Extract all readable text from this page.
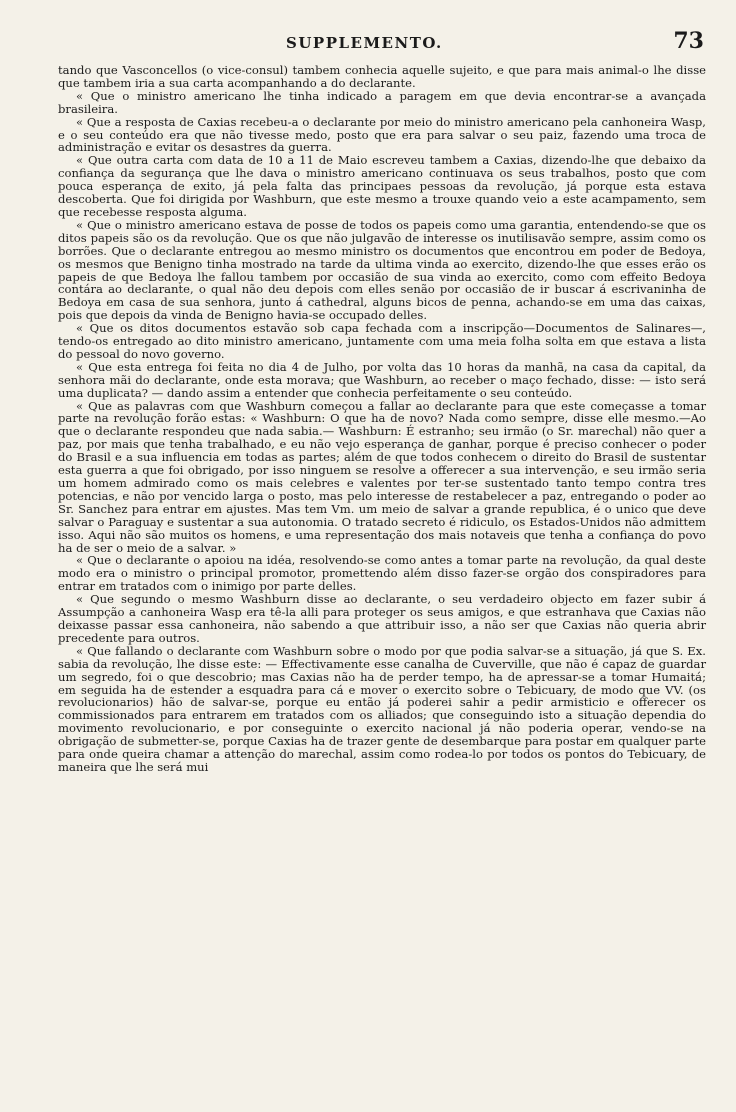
SUPPLEMENTO.	73

tando que Vasconcellos (o vice-consul) tambem conhecia aquelle sujeito, e que para mais animal-o lhe disse que tambem iria a sua carta acompanhando a do declarante.

« Que o ministro americano lhe tinha indicado a paragem em que devia encontrar-se a avançada brasileira.

« Que a resposta de Caxias recebeu-a o declarante por meio do ministro americano pela canhoneira Wasp, e o seu conteúdo era que não tivesse medo, posto que era para salvar o seu paiz, fazendo uma troca de administração e evitar os desastres da guerra.

« Que outra carta com data de 10 a 11 de Maio escreveu tambem a Caxias, dizendo-lhe que debaixo da confiança da segurança que lhe dava o ministro americano continuava os seus trabalhos, posto que com pouca esperança de exito, já pela falta das principaes pessoas da revolução, já porque esta estava descoberta. Que foi dirigida por Washburn, que este mesmo a trouxe quando veio a este acampamento, sem que recebesse resposta alguma.

« Que o ministro americano estava de posse de todos os papeis como uma garantia, entendendo-se que os ditos papeis são os da revolução. Que os que não julgavão de interesse os inutilisavão sempre, assim como os borrões. Que o declarante entregou ao mesmo ministro os documentos que encontrou em poder de Bedoya, os mesmos que Benigno tinha mostrado na tarde da ultima vinda ao exercito, dizendo-lhe que esses erão os papeis de que Bedoya lhe fallou tambem por occasião de sua vinda ao exercito, como com effeito Bedoya contára ao declarante, o qual não deu depois com elles senão por occasião de ir buscar á escrivaninha de Bedoya em casa de sua senhora, junto á cathedral, alguns bicos de penna, achando-se em uma das caixas, pois que depois da vinda de Benigno havia-se occupado delles.

« Que os ditos documentos estavão sob capa fechada com a inscripção—Documentos de Salinares—, tendo-os entregado ao dito ministro americano, juntamente com uma meia folha solta em que estava a lista do pessoal do novo governo.

« Que esta entrega foi feita no dia 4 de Julho, por volta das 10 horas da manhã, na casa da capital, da senhora mãi do declarante, onde esta morava; que Washburn, ao receber o maço fechado, disse: — isto será uma duplicata? — dando assim a entender que conhecia perfeitamente o seu conteúdo.

« Que as palavras com que Washburn começou a fallar ao declarante para que este começasse a tomar parte na revolução forão estas: « Washburn: O que ha de novo? Nada como sempre, disse elle mesmo.—Ao que o declarante respondeu que nada sabia.— Washburn: É estranho; seu irmão (o Sr. marechal) não quer a paz, por mais que tenha trabalhado, e eu não vejo esperança de ganhar, porque é preciso conhecer o poder do Brasil e a sua influencia em todas as partes; além de que todos conhecem o direito do Brasil de sustentar esta guerra a que foi obrigado, por isso ninguem se resolve a offerecer a sua intervenção, e seu irmão seria um homem admirado como os mais celebres e valentes por ter-se sustentado tanto tempo contra tres potencias, e não por vencido larga o posto, mas pelo interesse de restabelecer a paz, entregando o poder ao Sr. Sanchez para entrar em ajustes. Mas tem Vm. um meio de salvar a grande republica, é o unico que deve salvar o Paraguay e sustentar a sua autonomia. O tratado secreto é ridiculo, os Estados-Unidos não admittem isso. Aqui não são muitos os homens, e uma representação dos mais notaveis que tenha a confiança do povo ha de ser o meio de a salvar. »

« Que o declarante o apoiou na idéa, resolvendo-se como antes a tomar parte na revolução, da qual deste modo era o ministro o principal promotor, promettendo além disso fazer-se orgão dos conspiradores para entrar em tratados com o inimigo por parte delles.

« Que segundo o mesmo Washburn disse ao declarante, o seu verdadeiro objecto em fazer subir á Assumpção a canhoneira Wasp era tê-la alli para proteger os seus amigos, e que estranhava que Caxias não deixasse passar essa canhoneira, não sabendo a que attribuir isso, a não ser que Caxias não queria abrir precedente para outros.

« Que fallando o declarante com Washburn sobre o modo por que podia salvar-se a situação, já que S. Ex. sabia da revolução, lhe disse este: — Effectivamente esse canalha de Cuverville, que não é capaz de guardar um segredo, foi o que descobrio; mas Caxias não ha de perder tempo, ha de apressar-se a tomar Humaitá; em seguida ha de estender a esquadra para cá e mover o exercito sobre o Tebicuary, de modo que VV. (os revolucionarios) hão de salvar-se, porque eu então já poderei sahir a pedir armisticio e offerecer os commissionados para entrarem em tratados com os alliados; que conseguindo isto a situação dependia do movimento revolucionario, e por conseguinte o exercito nacional já não poderia operar, vendo-se na obrigação de submetter-se, porque Caxias ha de trazer gente de desembarque para postar em qualquer parte para onde queira chamar a attenção do marechal, assim como rodea-lo por todos os pontos do Tebicuary, de maneira que lhe será mui
